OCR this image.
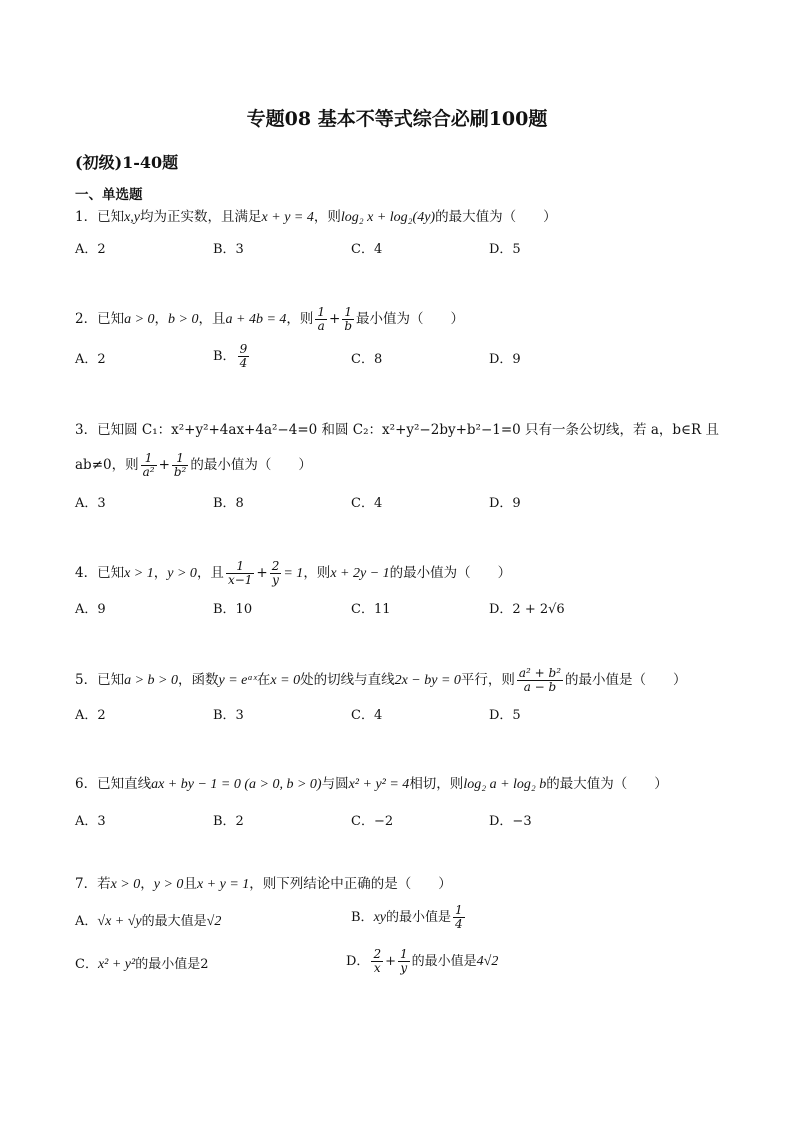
专题08 基本不等式综合必刷100题
(初级)1-40题
一、单选题
1．已知x,y均为正实数，且满足x + y = 4，则log₂ x + log₂(4y)的最大值为（　　）
A．2	B．3	C．4	D．5
2．已知a > 0，b > 0，且a + 4b = 4，则 $\frac{1}{a} + \frac{1}{b}$ 最小值为（　　）
A．2	B． $\frac{9}{4}$	C．8	D．9
3．已知圆 C₁：x²+y²+4ax+4a²−4=0 和圆 C₂：x²+y²−2by+b²−1=0 只有一条公切线，若 a，b∈R 且
ab≠0，则 $\frac{1}{\text{a²}} + \frac{1}{\text{b²}}$ 的最小值为（　　）
A．3	B．8	C．4	D．9
4．已知x > 1，y > 0，且 $\frac{1}{x-1} + \frac{2}{y} = 1$，则x + 2y − 1的最小值为（　　）
A．9	B．10	C．11	D．2 + 2√6
5．已知a > b > 0，函数y = eᵃˣ在x = 0处的切线与直线2x − by = 0平行，则 $\frac{\text{a² + b²}}{a - b}$ 的最小值是（　　）
A．2	B．3	C．4	D．5
6．已知直线ax + by − 1 = 0 (a > 0, b > 0)与圆x² + y² = 4相切，则log₂ a + log₂ b的最大值为（　　）
A．3	B．2	C．−2	D．−3
7．若x > 0，y > 0且x + y = 1，则下列结论中正确的是（　　）
A．√x + √y的最大值是√2	B．xy的最小值是 $\frac{1}{4}$
C．x² + y²的最小值是2	D． $\frac{2}{x} + \frac{1}{y}$ 的最小值是4√2
